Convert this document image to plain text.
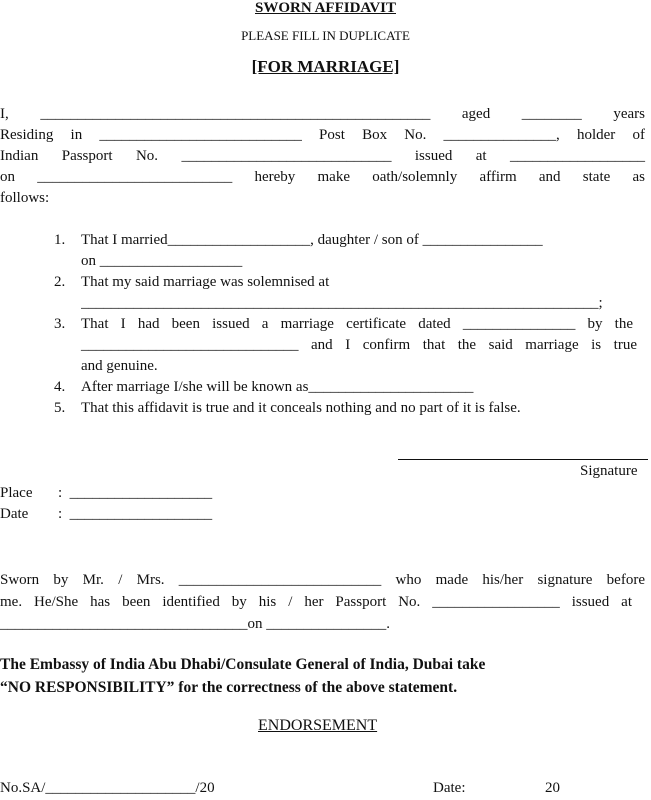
SWORN AFFIDAVIT
PLEASE FILL IN DUPLICATE
[FOR MARRIAGE]
I, ____________________________________________________ aged ________ years
Residing in ___________________________ Post Box No. _______________, holder of
Indian Passport No. ____________________________ issued at __________________
on __________________________ hereby make oath/solemnly affirm and state as
follows:
1. That I married___________________, daughter / son of ________________
on ___________________
2. That my said marriage was solemnised at
_____________________________________________________________________;
3. That I had been issued a marriage certificate dated _______________ by the
_____________________________ and I confirm that the said marriage is true
and genuine.
4. After marriage I/she will be known as______________________
5. That this affidavit is true and it conceals nothing and no part of it is false.
Signature
Place :  ___________________
Date :  ___________________
Sworn by Mr. / Mrs. ___________________________ who made his/her signature before
me. He/She has been identified by his / her Passport No. _________________ issued at
_________________________________on ________________.
The Embassy of India Abu Dhabi/Consulate General of India, Dubai take
“NO RESPONSIBILITY” for the correctness of the above statement.
ENDORSEMENT
No.SA/____________________/20	Date:	20
